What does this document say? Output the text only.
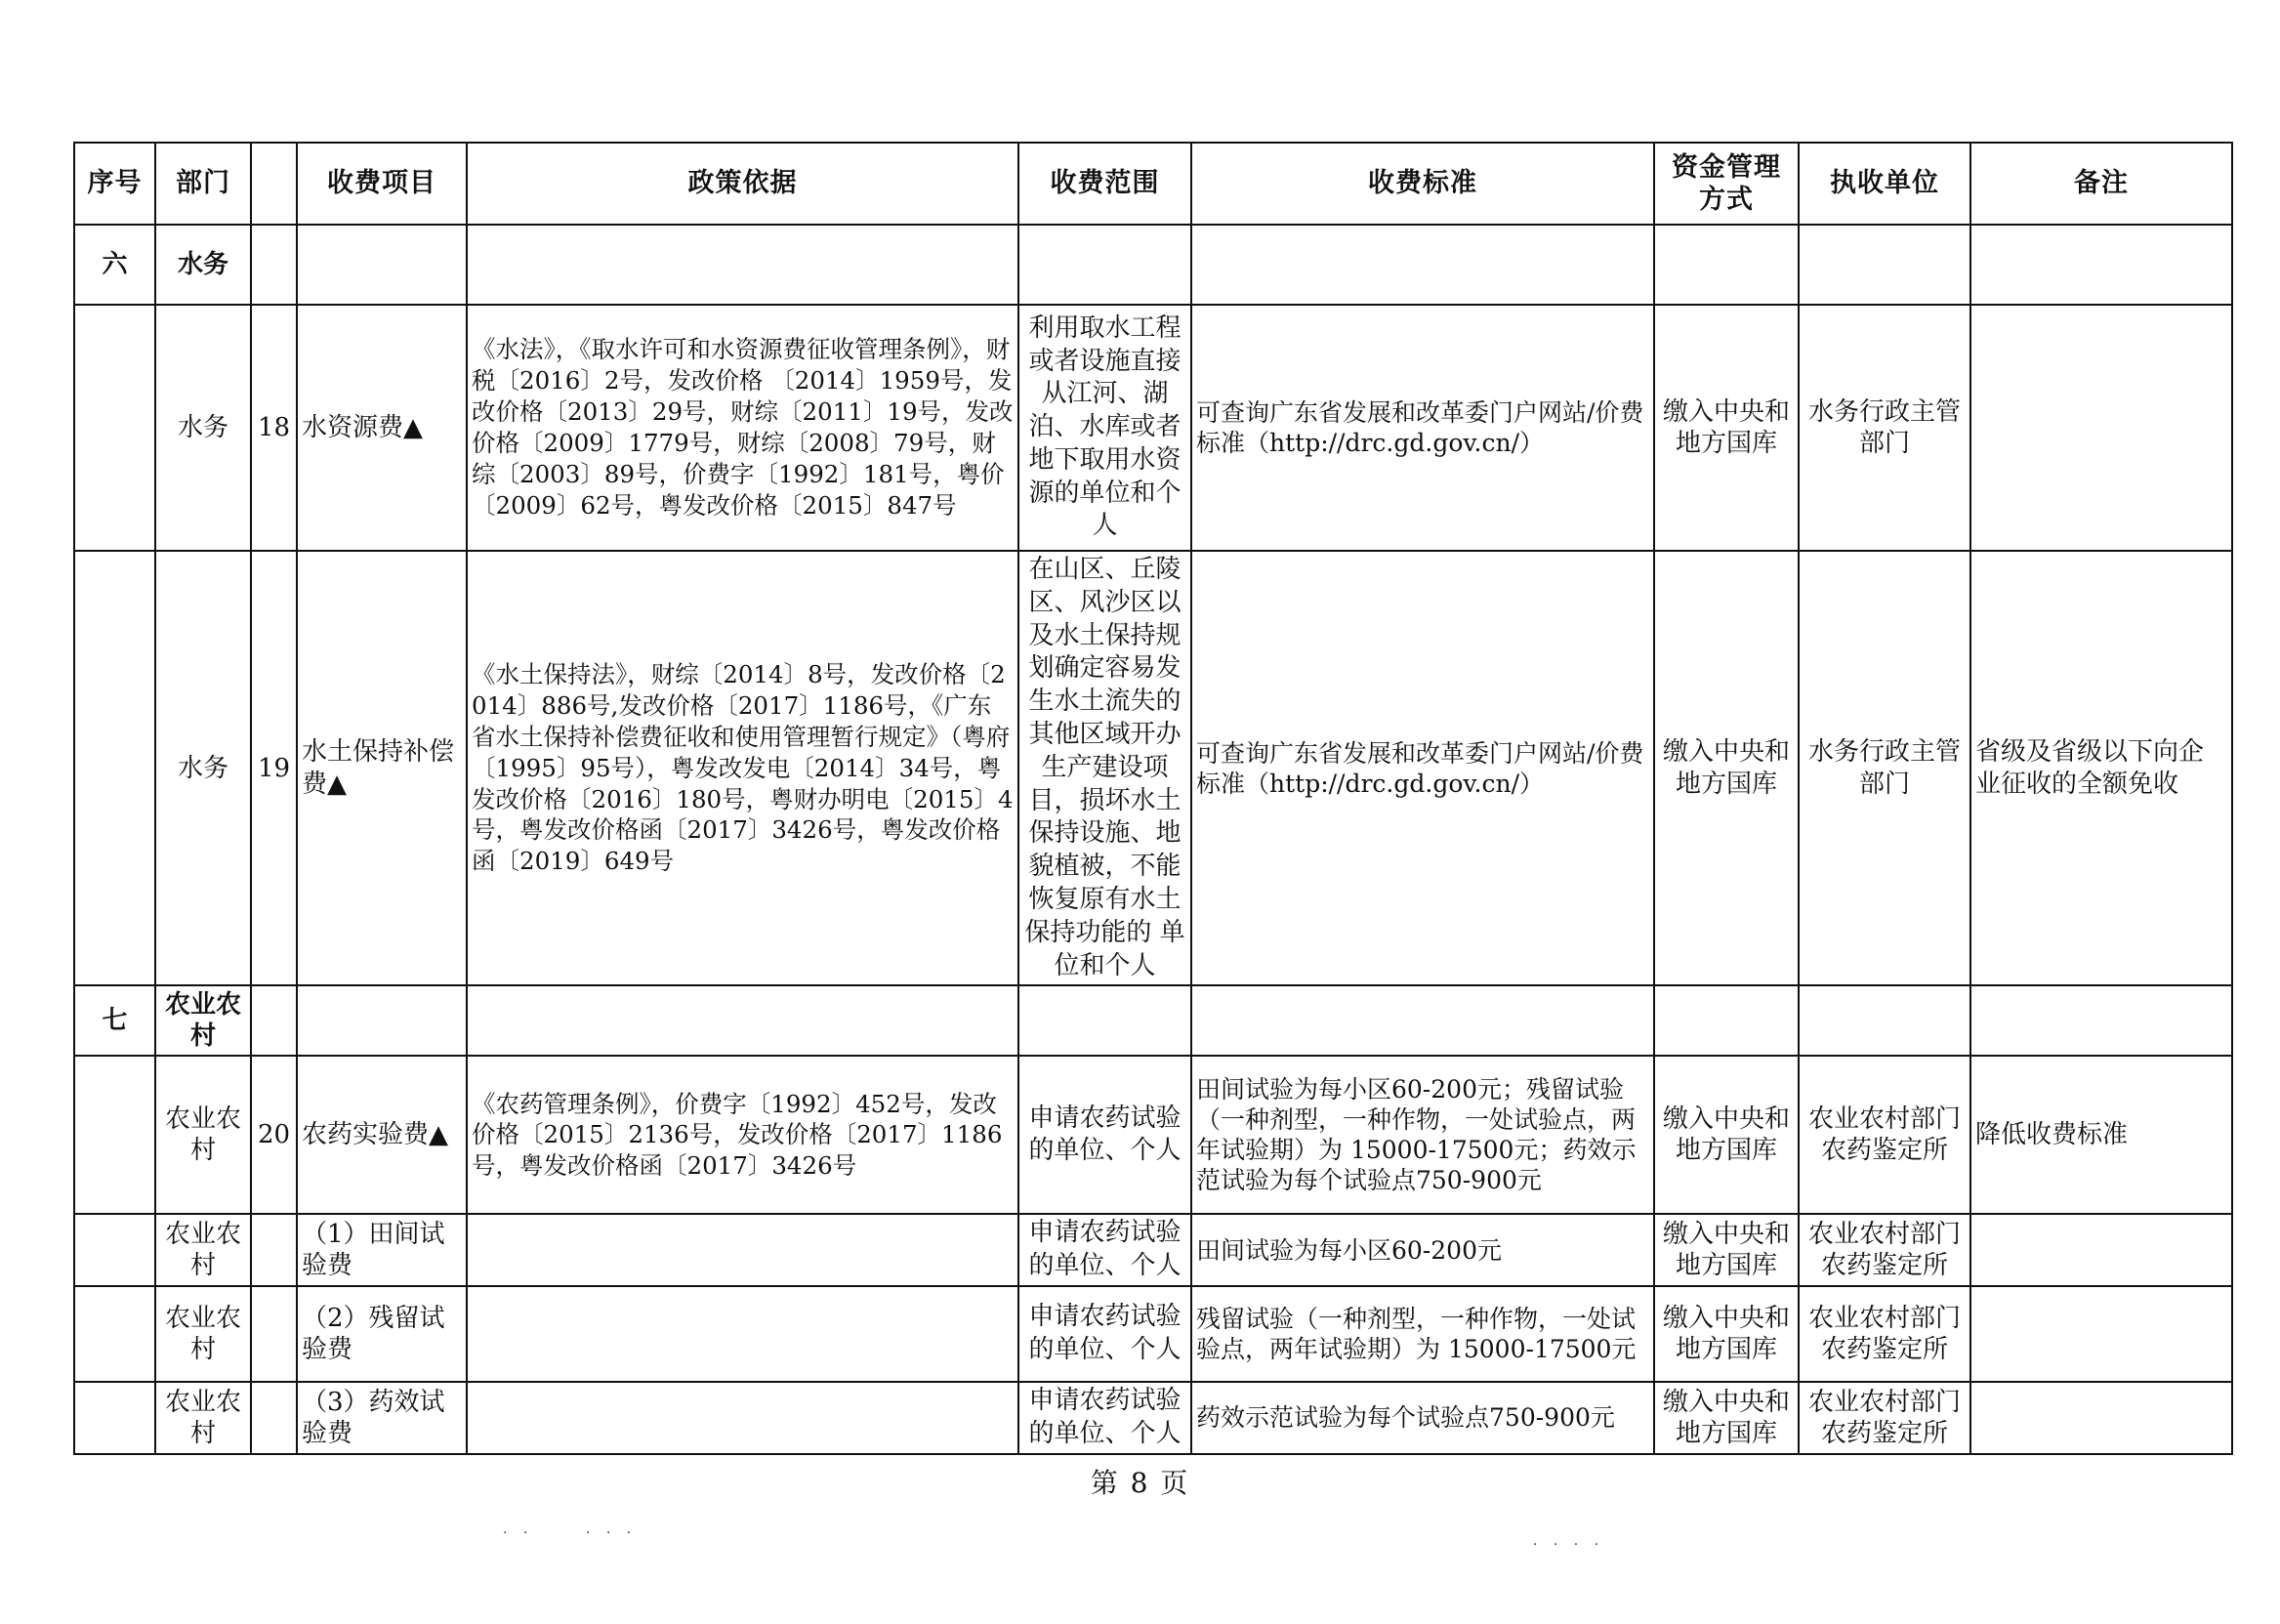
序号	部门		收费项目	政策依据	收费范围	收费标准	资金管理方式	执收单位	备注
六	水务								
	水务	18	水资源费▲	《水法》，《取水许可和水资源费征收管理条例》，财税〔2016〕2号，发改价格 〔2014〕1959号，发改价格〔2013〕29号，财综〔2011〕19号，发改价格〔2009〕1779号，财综〔2008〕79号，财综〔2003〕89号，价费字〔1992〕181号，粤价〔2009〕62号，粤发改价格〔2015〕847号	利用取水工程或者设施直接从江河、湖泊、水库或者地下取用水资源的单位和个人	可查询广东省发展和改革委门户网站/价费标准（http://drc.gd.gov.cn/）	缴入中央和地方国库	水务行政主管部门	
	水务	19	水土保持补偿费▲	《水土保持法》，财综〔2014〕8号，发改价格〔2014〕886号,发改价格〔2017〕1186号，《广东省水土保持补偿费征收和使用管理暂行规定》（粤府〔1995〕95号），粤发改发电〔2014〕34号，粤发改价格〔2016〕180号，粤财办明电〔2015〕4号，粤发改价格函〔2017〕3426号，粤发改价格函〔2019〕649号	在山区、丘陵区、风沙区以及水土保持规划确定容易发生水土流失的其他区域开办生产建设项目，损坏水土保持设施、地貌植被，不能恢复原有水土保持功能的 单位和个人	可查询广东省发展和改革委门户网站/价费标准（http://drc.gd.gov.cn/）	缴入中央和地方国库	水务行政主管部门	省级及省级以下向企业征收的全额免收
七	农业农村								
	农业农村	20	农药实验费▲	《农药管理条例》，价费字〔1992〕452号，发改价格〔2015〕2136号，发改价格〔2017〕1186号，粤发改价格函〔2017〕3426号	申请农药试验的单位、个人	田间试验为每小区60-200元；残留试验（一种剂型，一种作物，一处试验点，两年试验期）为 15000-17500元；药效示范试验为每个试验点750-900元	缴入中央和地方国库	农业农村部门农药鉴定所	降低收费标准
	农业农村		（1）田间试验费		申请农药试验的单位、个人	田间试验为每小区60-200元	缴入中央和地方国库	农业农村部门农药鉴定所	
	农业农村		（2）残留试验费		申请农药试验的单位、个人	残留试验（一种剂型，一种作物，一处试验点，两年试验期）为 15000-17500元	缴入中央和地方国库	农业农村部门农药鉴定所	
	农业农村		（3）药效试验费		申请农药试验的单位、个人	药效示范试验为每个试验点750-900元	缴入中央和地方国库	农业农村部门农药鉴定所	
第 8 页
· ·	· · ·
· · · ·
